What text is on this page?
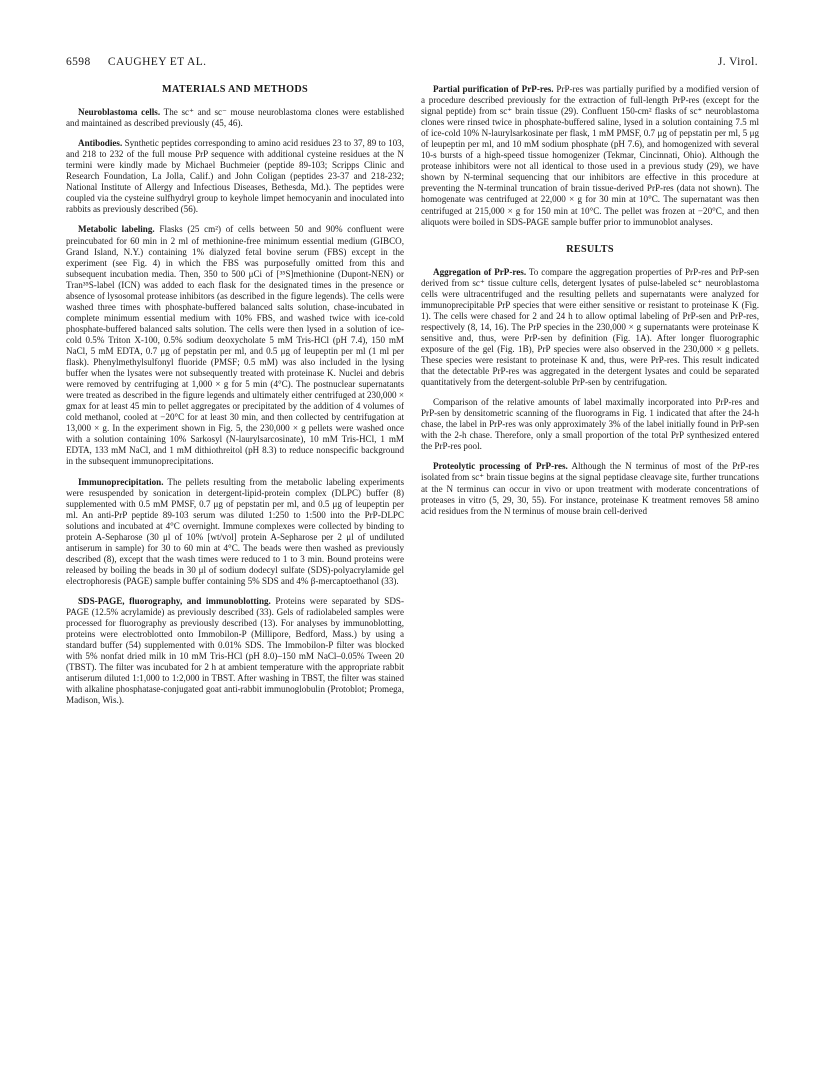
6598 CAUGHEY ET AL.	J. Virol.
MATERIALS AND METHODS

Neuroblastoma cells. The sc⁺ and sc⁻ mouse neuroblastoma clones were established and maintained as described previously (45, 46).

Antibodies. Synthetic peptides corresponding to amino acid residues 23 to 37, 89 to 103, and 218 to 232 of the full mouse PrP sequence with additional cysteine residues at the N termini were kindly made by Michael Buchmeier (peptide 89-103; Scripps Clinic and Research Foundation, La Jolla, Calif.) and John Coligan (peptides 23-37 and 218-232; National Institute of Allergy and Infectious Diseases, Bethesda, Md.). The peptides were coupled via the cysteine sulfhydryl group to keyhole limpet hemocyanin and inoculated into rabbits as previously described (56).

Metabolic labeling. Flasks (25 cm²) of cells between 50 and 90% confluent were preincubated for 60 min in 2 ml of methionine-free minimum essential medium (GIBCO, Grand Island, N.Y.) containing 1% dialyzed fetal bovine serum (FBS) except in the experiment (see Fig. 4) in which the FBS was purposefully omitted from this and subsequent incubation media. Then, 350 to 500 μCi of [³⁵S]methionine (Dupont-NEN) or Tran³⁵S-label (ICN) was added to each flask for the designated times in the presence or absence of lysosomal protease inhibitors (as described in the figure legends). The cells were washed three times with phosphate-buffered balanced salts solution, chase-incubated in complete minimum essential medium with 10% FBS, and washed twice with ice-cold phosphate-buffered balanced salts solution. The cells were then lysed in a solution of ice-cold 0.5% Triton X-100, 0.5% sodium deoxycholate 5 mM Tris-HCl (pH 7.4), 150 mM NaCl, 5 mM EDTA, 0.7 μg of pepstatin per ml, and 0.5 μg of leupeptin per ml (1 ml per flask). Phenylmethylsulfonyl fluoride (PMSF; 0.5 mM) was also included in the lysing buffer when the lysates were not subsequently treated with proteinase K. Nuclei and debris were removed by centrifuging at 1,000 × g for 5 min (4°C). The postnuclear supernatants were treated as described in the figure legends and ultimately either centrifuged at 230,000 × gmax for at least 45 min to pellet aggregates or precipitated by the addition of 4 volumes of cold methanol, cooled at −20°C for at least 30 min, and then collected by centrifugation at 13,000 × g. In the experiment shown in Fig. 5, the 230,000 × g pellets were washed once with a solution containing 10% Sarkosyl (N-laurylsarcosinate), 10 mM Tris-HCl, 1 mM EDTA, 133 mM NaCl, and 1 mM dithiothreitol (pH 8.3) to reduce nonspecific background in the subsequent immunoprecipitations.

Immunoprecipitation. The pellets resulting from the metabolic labeling experiments were resuspended by sonication in detergent-lipid-protein complex (DLPC) buffer (8) supplemented with 0.5 mM PMSF, 0.7 μg of pepstatin per ml, and 0.5 μg of leupeptin per ml. An anti-PrP peptide 89-103 serum was diluted 1:250 to 1:500 into the PrP-DLPC solutions and incubated at 4°C overnight. Immune complexes were collected by binding to protein A-Sepharose (30 μl of 10% [wt/vol] protein A-Sepharose per 2 μl of undiluted antiserum in sample) for 30 to 60 min at 4°C. The beads were then washed as previously described (8), except that the wash times were reduced to 1 to 3 min. Bound proteins were released by boiling the beads in 30 μl of sodium dodecyl sulfate (SDS)-polyacrylamide gel electrophoresis (PAGE) sample buffer containing 5% SDS and 4% β-mercaptoethanol (33).

SDS-PAGE, fluorography, and immunoblotting. Proteins were separated by SDS-PAGE (12.5% acrylamide) as previously described (33). Gels of radiolabeled samples were processed for fluorography as previously described (13). For analyses by immunoblotting, proteins were electroblotted onto Immobilon-P (Millipore, Bedford, Mass.) by using a standard buffer (54) supplemented with 0.01% SDS. The Immobilon-P filter was blocked with 5% nonfat dried milk in 10 mM Tris-HCl (pH 8.0)–150 mM NaCl–0.05% Tween 20 (TBST). The filter was incubated for 2 h at ambient temperature with the appropriate rabbit antiserum diluted 1:1,000 to 1:2,000 in TBST. After washing in TBST, the filter was stained with alkaline phosphatase-conjugated goat anti-rabbit immunoglobulin (Protoblot; Promega, Madison, Wis.).

Partial purification of PrP-res. PrP-res was partially purified by a modified version of a procedure described previously for the extraction of full-length PrP-res (except for the signal peptide) from sc⁺ brain tissue (29). Confluent 150-cm² flasks of sc⁺ neuroblastoma clones were rinsed twice in phosphate-buffered saline, lysed in a solution containing 7.5 ml of ice-cold 10% N-laurylsarkosinate per flask, 1 mM PMSF, 0.7 μg of pepstatin per ml, 5 μg of leupeptin per ml, and 10 mM sodium phosphate (pH 7.6), and homogenized with several 10-s bursts of a high-speed tissue homogenizer (Tekmar, Cincinnati, Ohio). Although the protease inhibitors were not all identical to those used in a previous study (29), we have shown by N-terminal sequencing that our inhibitors are effective in this procedure at preventing the N-terminal truncation of brain tissue-derived PrP-res (data not shown). The homogenate was centrifuged at 22,000 × g for 30 min at 10°C. The supernatant was then centrifuged at 215,000 × g for 150 min at 10°C. The pellet was frozen at −20°C, and then aliquots were boiled in SDS-PAGE sample buffer prior to immunoblot analyses.

RESULTS

Aggregation of PrP-res. To compare the aggregation properties of PrP-res and PrP-sen derived from sc⁺ tissue culture cells, detergent lysates of pulse-labeled sc⁺ neuroblastoma cells were ultracentrifuged and the resulting pellets and supernatants were analyzed for immunoprecipitable PrP species that were either sensitive or resistant to proteinase K (Fig. 1). The cells were chased for 2 and 24 h to allow optimal labeling of PrP-sen and PrP-res, respectively (8, 14, 16). The PrP species in the 230,000 × g supernatants were proteinase K sensitive and, thus, were PrP-sen by definition (Fig. 1A). After longer fluorographic exposure of the gel (Fig. 1B), PrP species were also observed in the 230,000 × g pellets. These species were resistant to proteinase K and, thus, were PrP-res. This result indicated that the detectable PrP-res was aggregated in the detergent lysates and could be separated quantitatively from the detergent-soluble PrP-sen by centrifugation.

Comparison of the relative amounts of label maximally incorporated into PrP-res and PrP-sen by densitometric scanning of the fluorograms in Fig. 1 indicated that after the 24-h chase, the label in PrP-res was only approximately 3% of the label initially found in PrP-sen with the 2-h chase. Therefore, only a small proportion of the total PrP synthesized entered the PrP-res pool.

Proteolytic processing of PrP-res. Although the N terminus of most of the PrP-res isolated from sc⁺ brain tissue begins at the signal peptidase cleavage site, further truncations at the N terminus can occur in vivo or upon treatment with moderate concentrations of proteases in vitro (5, 29, 30, 55). For instance, proteinase K treatment removes 58 amino acid residues from the N terminus of mouse brain cell-derived
